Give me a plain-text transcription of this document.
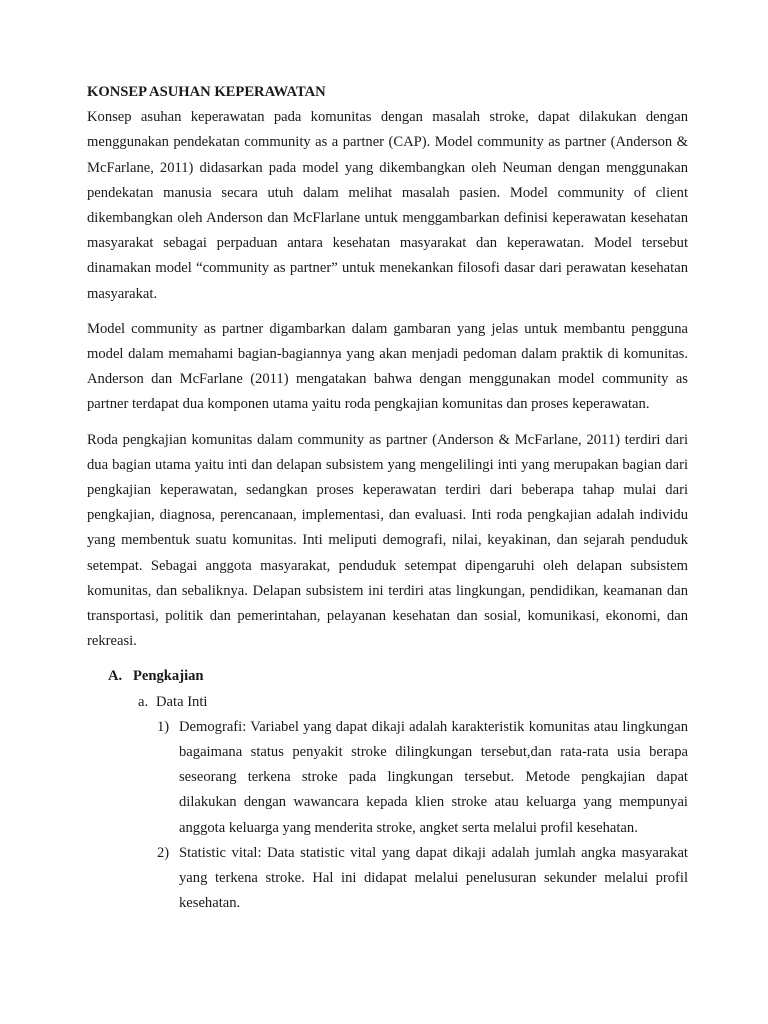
KONSEP ASUHAN KEPERAWATAN

Konsep asuhan keperawatan pada komunitas dengan masalah stroke, dapat dilakukan dengan menggunakan pendekatan community as a partner (CAP). Model community as partner (Anderson & McFarlane, 2011) didasarkan pada model yang dikembangkan oleh Neuman dengan menggunakan pendekatan manusia secara utuh dalam melihat masalah pasien. Model community of client dikembangkan oleh Anderson dan McFlarlane untuk menggambarkan definisi keperawatan kesehatan masyarakat sebagai perpaduan antara kesehatan masyarakat dan keperawatan. Model tersebut dinamakan model “community as partner” untuk menekankan filosofi dasar dari perawatan kesehatan masyarakat.

Model community as partner digambarkan dalam gambaran yang jelas untuk membantu pengguna model dalam memahami bagian-bagiannya yang akan menjadi pedoman dalam praktik di komunitas. Anderson dan McFarlane (2011) mengatakan bahwa dengan menggunakan model community as partner terdapat dua komponen utama yaitu roda pengkajian komunitas dan proses keperawatan.

Roda pengkajian komunitas dalam community as partner (Anderson & McFarlane, 2011) terdiri dari dua bagian utama yaitu inti dan delapan subsistem yang mengelilingi inti yang merupakan bagian dari pengkajian keperawatan, sedangkan proses keperawatan terdiri dari beberapa tahap mulai dari pengkajian, diagnosa, perencanaan, implementasi, dan evaluasi. Inti roda pengkajian adalah individu yang membentuk suatu komunitas. Inti meliputi demografi, nilai, keyakinan, dan sejarah penduduk setempat. Sebagai anggota masyarakat, penduduk setempat dipengaruhi oleh delapan subsistem komunitas, dan sebaliknya. Delapan subsistem ini terdiri atas lingkungan, pendidikan, keamanan dan transportasi, politik dan pemerintahan, pelayanan kesehatan dan sosial, komunikasi, ekonomi, dan rekreasi.

A. Pengkajian
a. Data Inti
1) Demografi: Variabel yang dapat dikaji adalah karakteristik komunitas atau lingkungan bagaimana status penyakit stroke dilingkungan tersebut,dan rata-rata usia berapa seseorang terkena stroke pada lingkungan tersebut. Metode pengkajian dapat dilakukan dengan wawancara kepada klien stroke atau keluarga yang mempunyai anggota keluarga yang menderita stroke, angket serta melalui profil kesehatan.
2) Statistic vital: Data statistic vital yang dapat dikaji adalah jumlah angka masyarakat yang terkena stroke. Hal ini didapat melalui penelusuran sekunder melalui profil kesehatan.
